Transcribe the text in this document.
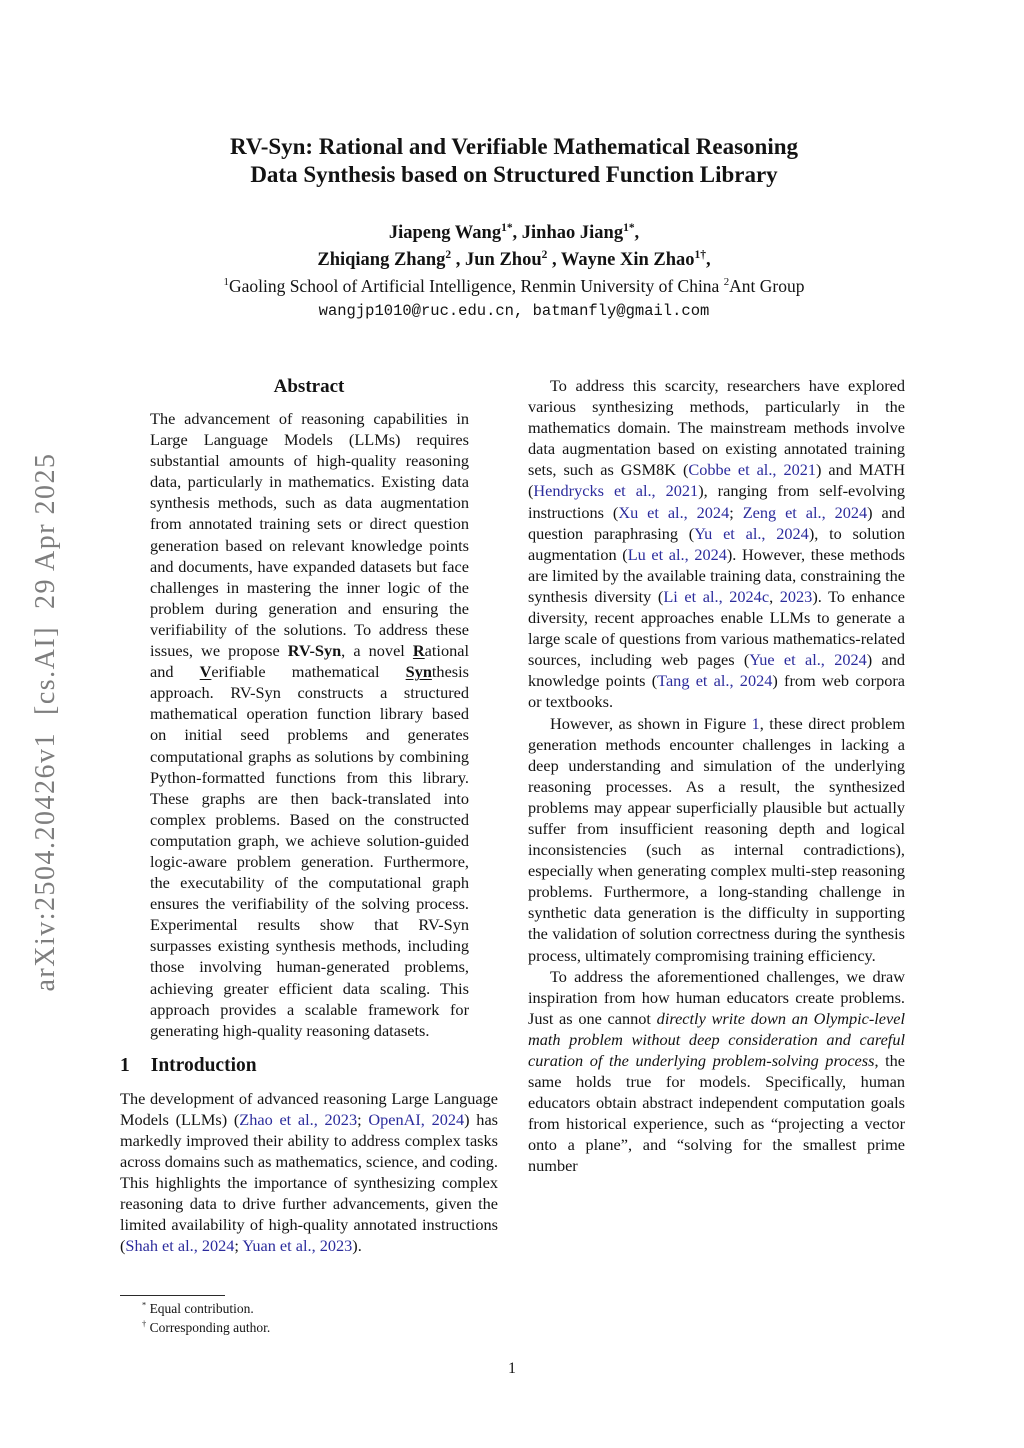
arXiv:2504.20426v1  [cs.AI]  29 Apr 2025
RV-Syn: Rational and Verifiable Mathematical Reasoning
Data Synthesis based on Structured Function Library
Jiapeng Wang$^{1*}$, Jinhao Jiang$^{1*}$,
Zhiqiang Zhang$^2$ , Jun Zhou$^2$ , Wayne Xin Zhao$^{1\dagger}$,
$^1$Gaoling School of Artificial Intelligence, Renmin University of China $^2$Ant Group
wangjp1010@ruc.edu.cn, batmanfly@gmail.com
Abstract
The advancement of reasoning capabilities in Large Language Models (LLMs) requires substantial amounts of high-quality reasoning data, particularly in mathematics. Existing data synthesis methods, such as data augmentation from annotated training sets or direct question generation based on relevant knowledge points and documents, have expanded datasets but face challenges in mastering the inner logic of the problem during generation and ensuring the verifiability of the solutions. To address these issues, we propose RV-Syn, a novel Rational and Verifiable mathematical Synthesis approach. RV-Syn constructs a structured mathematical operation function library based on initial seed problems and generates computational graphs as solutions by combining Python-formatted functions from this library. These graphs are then back-translated into complex problems. Based on the constructed computation graph, we achieve solution-guided logic-aware problem generation. Furthermore, the executability of the computational graph ensures the verifiability of the solving process. Experimental results show that RV-Syn surpasses existing synthesis methods, including those involving human-generated problems, achieving greater efficient data scaling. This approach provides a scalable framework for generating high-quality reasoning datasets.
1 Introduction
The development of advanced reasoning Large Language Models (LLMs) (Zhao et al., 2023; OpenAI, 2024) has markedly improved their ability to address complex tasks across domains such as mathematics, science, and coding. This highlights the importance of synthesizing complex reasoning data to drive further advancements, given the limited availability of high-quality annotated instructions (Shah et al., 2024; Yuan et al., 2023).
* Equal contribution.
† Corresponding author.
To address this scarcity, researchers have explored various synthesizing methods, particularly in the mathematics domain. The mainstream methods involve data augmentation based on existing annotated training sets, such as GSM8K (Cobbe et al., 2021) and MATH (Hendrycks et al., 2021), ranging from self-evolving instructions (Xu et al., 2024; Zeng et al., 2024) and question paraphrasing (Yu et al., 2024), to solution augmentation (Lu et al., 2024). However, these methods are limited by the available training data, constraining the synthesis diversity (Li et al., 2024c, 2023). To enhance diversity, recent approaches enable LLMs to generate a large scale of questions from various mathematics-related sources, including web pages (Yue et al., 2024) and knowledge points (Tang et al., 2024) from web corpora or textbooks.
However, as shown in Figure 1, these direct problem generation methods encounter challenges in lacking a deep understanding and simulation of the underlying reasoning processes. As a result, the synthesized problems may appear superficially plausible but actually suffer from insufficient reasoning depth and logical inconsistencies (such as internal contradictions), especially when generating complex multi-step reasoning problems. Furthermore, a long-standing challenge in synthetic data generation is the difficulty in supporting the validation of solution correctness during the synthesis process, ultimately compromising training efficiency.
To address the aforementioned challenges, we draw inspiration from how human educators create problems. Just as one cannot directly write down an Olympic-level math problem without deep consideration and careful curation of the underlying problem-solving process, the same holds true for models. Specifically, human educators obtain abstract independent computation goals from historical experience, such as “projecting a vector onto a plane”, and “solving for the smallest prime number
1
